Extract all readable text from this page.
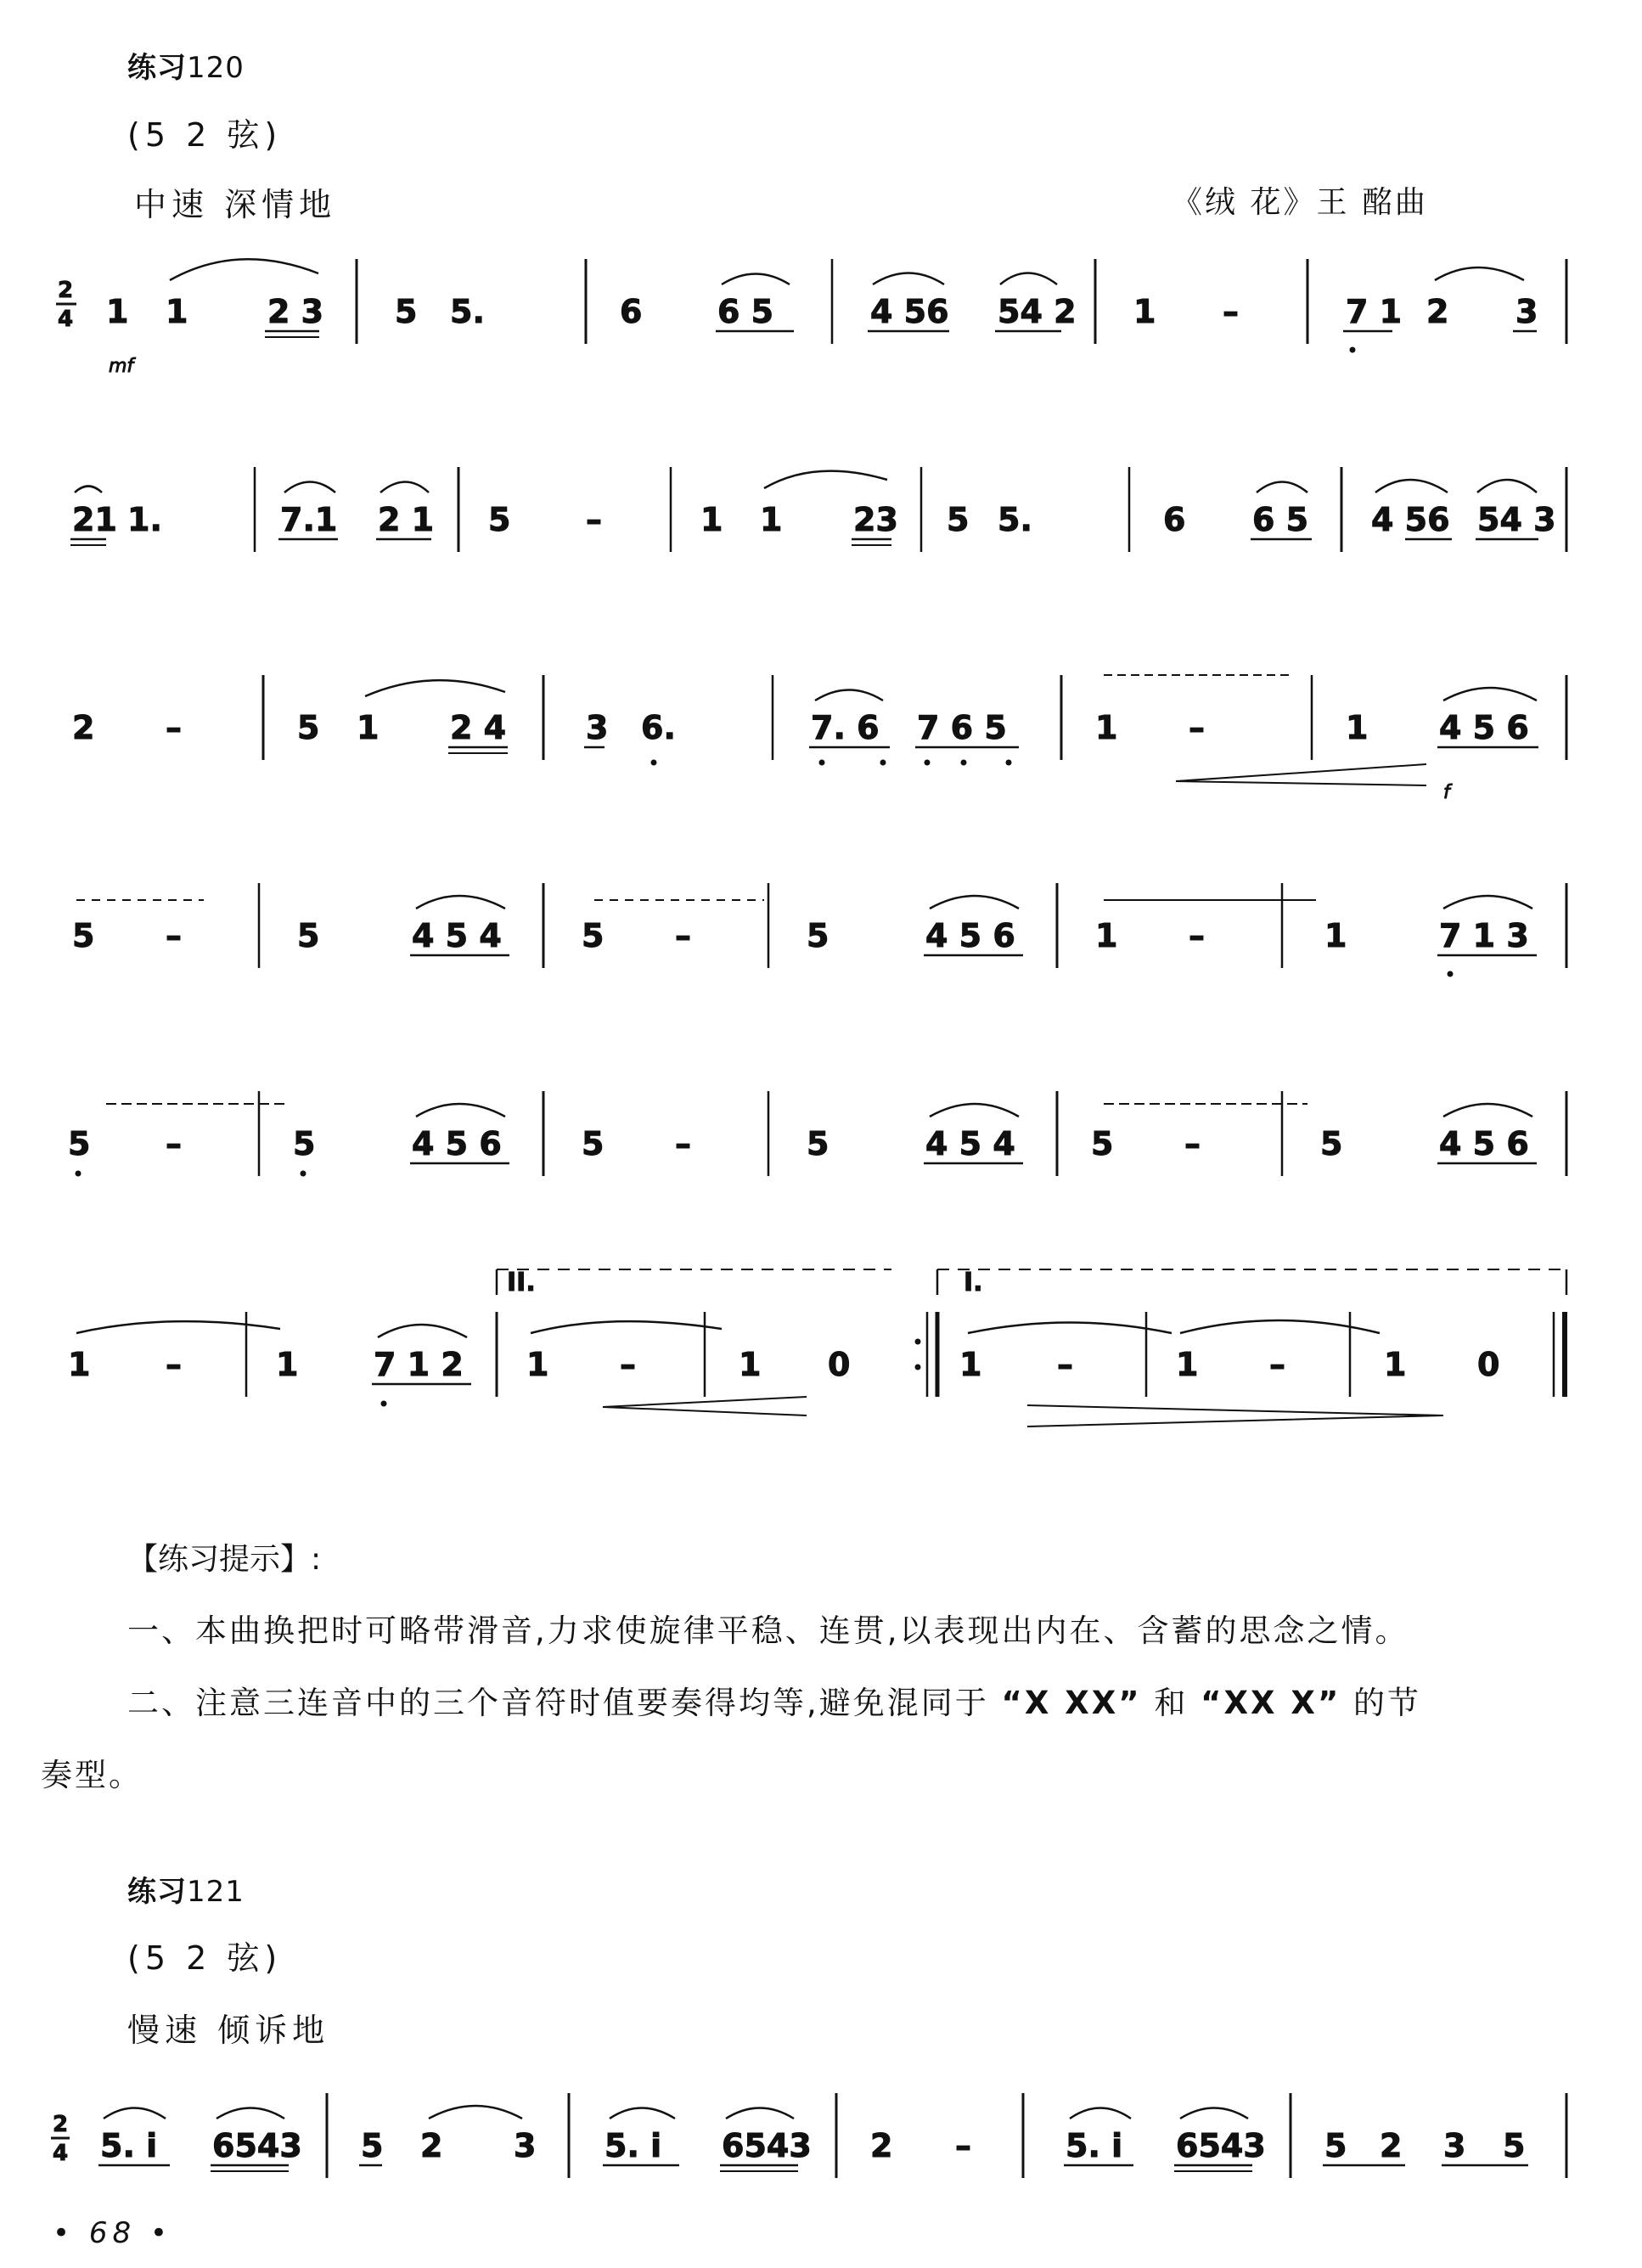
练习120
(5 2 弦)
中速 深情地	《绒 花》王 酩曲
2
4
mf
1 1 2 3 5 5.	6 6 5	4 56 54 2 1 –	7 1 2 3
21 1.	7.1 2 1 5 –	1 1 23 5 5.	6 6 5 4 56 54 3
2 –	5 1 2 4 3 6.	7. 6 7 6 5	1 –	1 4 5 6
f
5 –	5	4 5 4 5 –	5	4 5 6 1 –	1	7 1 3
5 –	5	4 5 6 5 –	5	4 5 4 5 –	5	4 5 6
1 –	1 7 1 2
II.
1 –	1 0
I.
1 –	1 –	1 0
【练习提示】:
一、本曲换把时可略带滑音,力求使旋律平稳、连贯,以表现出内在、含蓄的思念之情。
二、注意三连音中的三个音符时值要奏得均等,避免混同于 “X XX” 和 “XX X” 的节
奏型。
练习121
(5 2 弦)
慢速 倾诉地
2
4 5. i 6543 5 2 3 5. i 6543 2 –	5. i 6543 5 2 3 5
• 68 •
